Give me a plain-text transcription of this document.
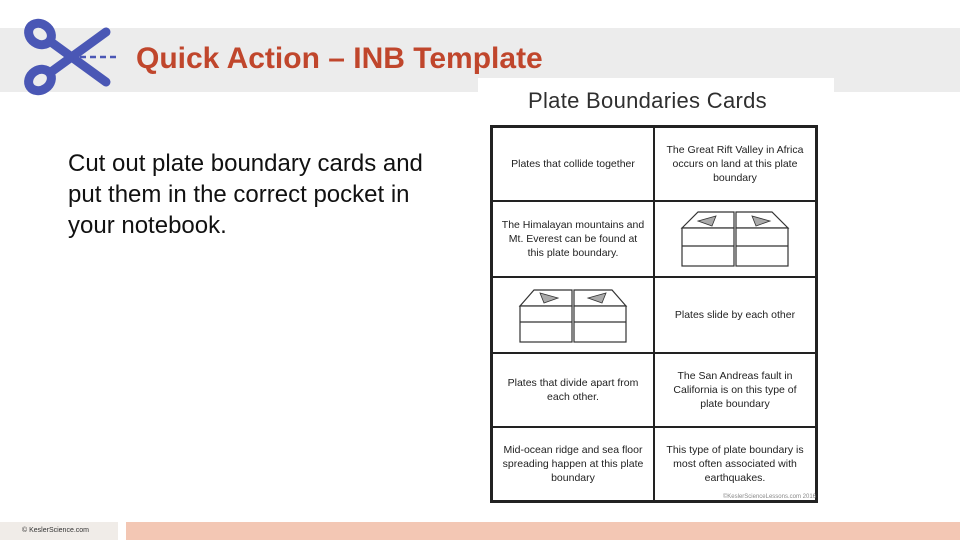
Quick Action – INB Template
Cut out plate boundary cards and put them in the correct pocket in your notebook.
Plate Boundaries Cards
Plates that collide together
The Great Rift Valley in Africa occurs on land at this plate boundary
The Himalayan mountains and Mt. Everest can be found at this plate boundary.
Plates slide by each other
Plates that divide apart from each other.
The San Andreas fault in California is on this type of plate boundary
Mid-ocean ridge and sea floor spreading happen at this plate boundary
This type of plate boundary is most often associated with earthquakes.
©KeslerScienceLessons.com 2016
© KeslerScience.com
